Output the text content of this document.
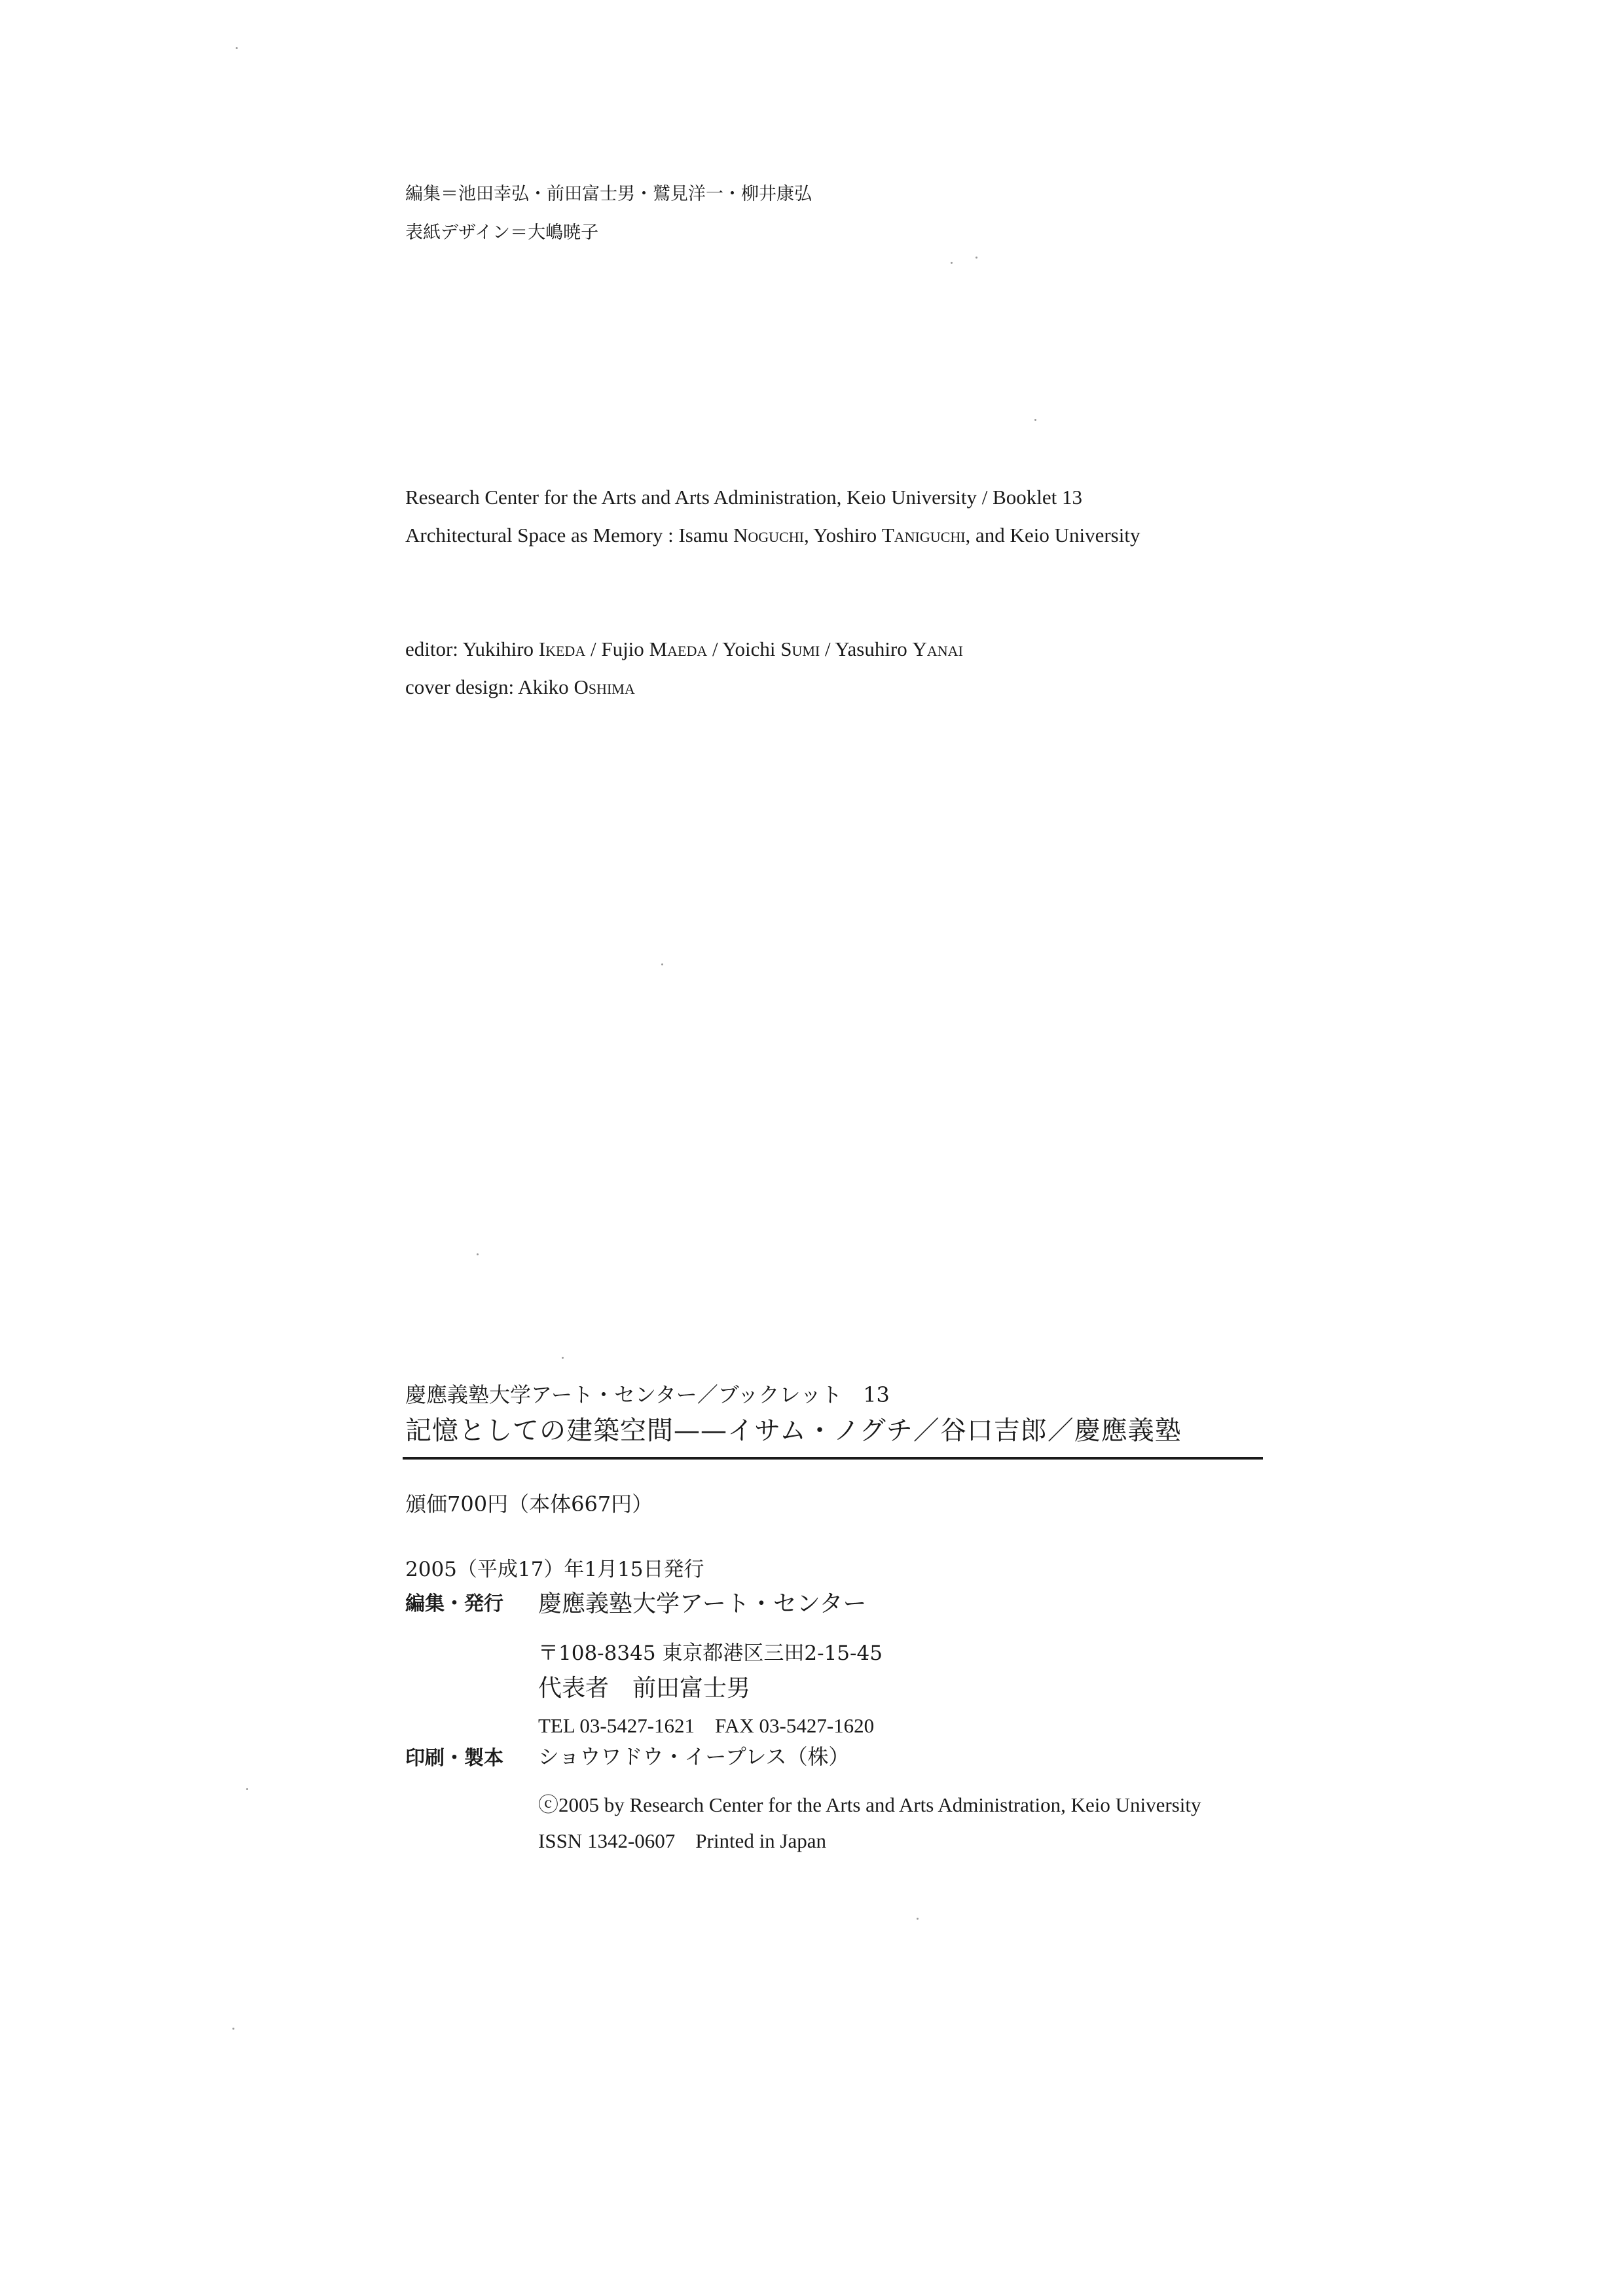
編集＝池田幸弘・前田富士男・鷲見洋一・柳井康弘
表紙デザイン＝大嶋暁子
Research Center for the Arts and Arts Administration, Keio University / Booklet 13
Architectural Space as Memory : Isamu Noguchi, Yoshiro Taniguchi, and Keio University
editor: Yukihiro Ikeda / Fujio Maeda / Yoichi Sumi / Yasuhiro Yanai
cover design: Akiko Oshima
慶應義塾大学アート・センター／ブックレット　13
記憶としての建築空間——イサム・ノグチ／谷口吉郎／慶應義塾
頒価700円（本体667円）
2005（平成17）年1月15日発行
編集・発行 慶應義塾大学アート・センター
〒108-8345 東京都港区三田2-15-45
代表者　前田富士男
TEL 03-5427-1621　FAX 03-5427-1620
印刷・製本 ショウワドウ・イープレス（株）
ⓒ2005 by Research Center for the Arts and Arts Administration, Keio University
ISSN 1342-0607　Printed in Japan
